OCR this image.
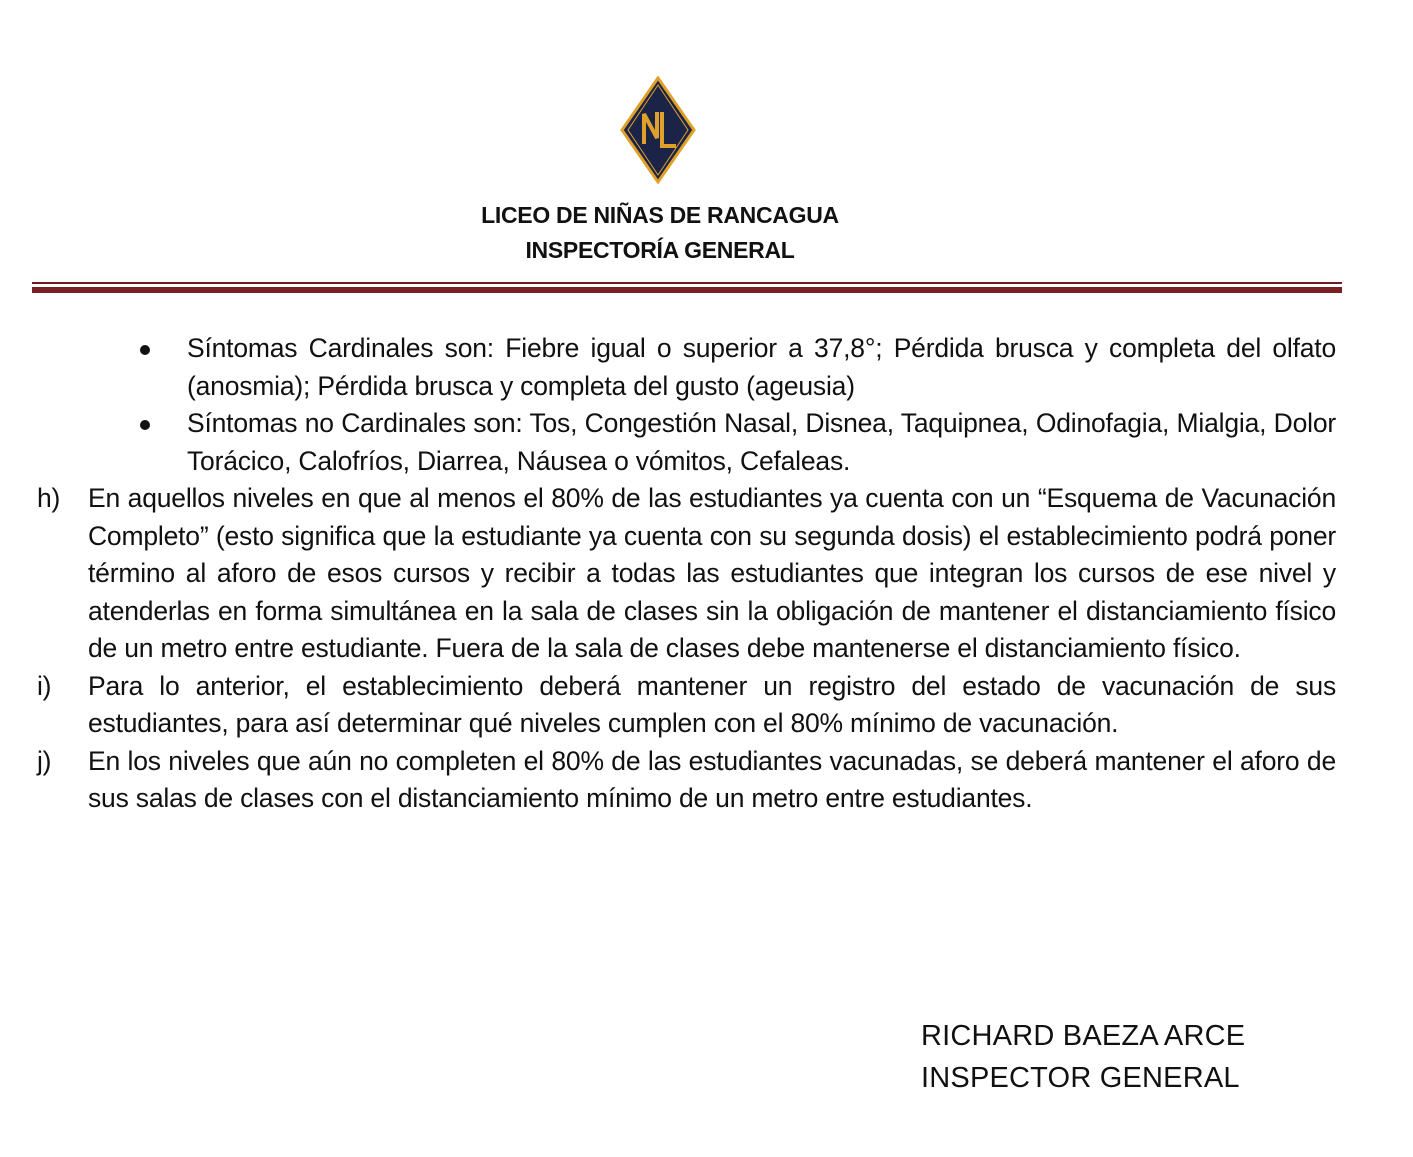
LICEO DE NIÑAS DE RANCAGUA
INSPECTORÍA GENERAL
Síntomas Cardinales son: Fiebre igual o superior a 37,8°; Pérdida brusca y completa del olfato (anosmia); Pérdida brusca y completa del gusto (ageusia)
Síntomas no Cardinales son: Tos, Congestión Nasal, Disnea, Taquipnea, Odinofagia, Mialgia, Dolor Torácico, Calofríos, Diarrea, Náusea o vómitos, Cefaleas.
h) En aquellos niveles en que al menos el 80% de las estudiantes ya cuenta con un “Esquema de Vacunación Completo” (esto significa que la estudiante ya cuenta con su segunda dosis) el establecimiento podrá poner término al aforo de esos cursos y recibir a todas las estudiantes que integran los cursos de ese nivel y atenderlas en forma simultánea en la sala de clases sin la obligación de mantener el distanciamiento físico de un metro entre estudiante. Fuera de la sala de clases debe mantenerse el distanciamiento físico.
i) Para lo anterior, el establecimiento deberá mantener un registro del estado de vacunación de sus estudiantes, para así determinar qué niveles cumplen con el 80% mínimo de vacunación.
j) En los niveles que aún no completen el 80% de las estudiantes vacunadas, se deberá mantener el aforo de sus salas de clases con el distanciamiento mínimo de un metro entre estudiantes.
RICHARD BAEZA ARCE
INSPECTOR GENERAL
